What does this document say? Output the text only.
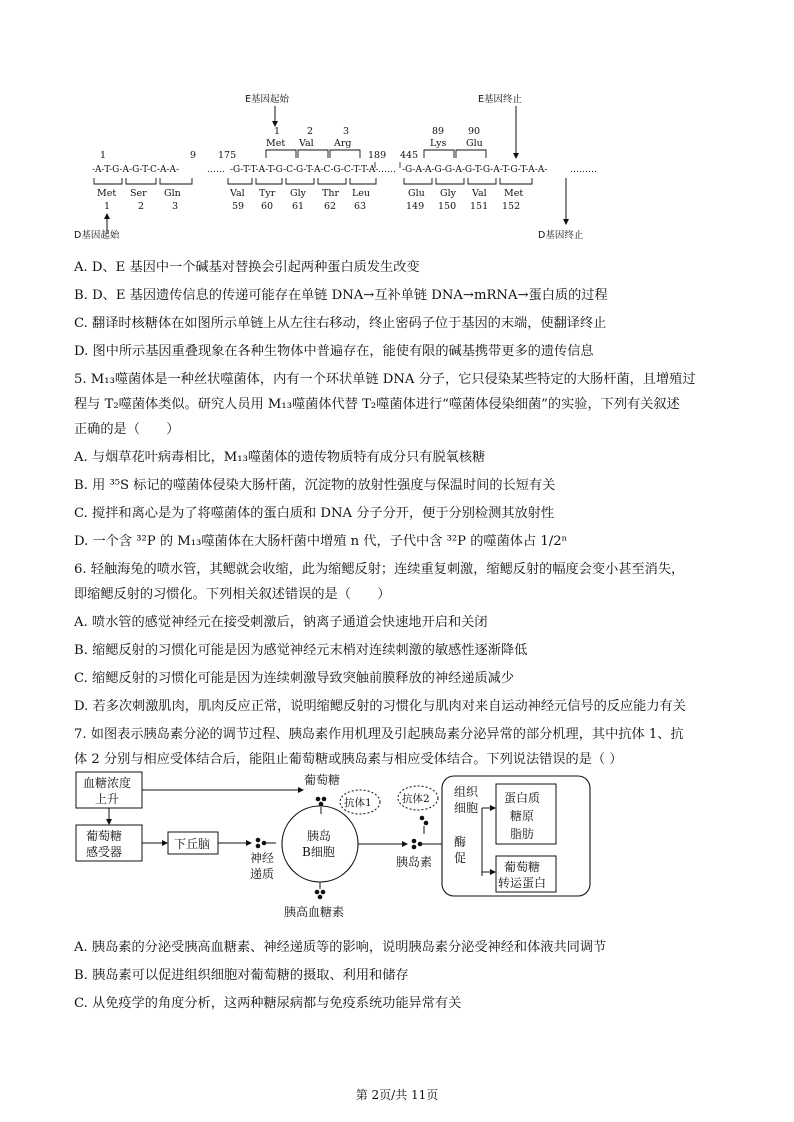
E基因起始	E基因终止
1	2	3	89	90
Met Val Arg	Lys Glu
1	9 175	189 445
-A-T-G-A-G-T-C-A-A-	…… -G-T-T-A-T-G-C-G-T-A-C-G-C-T-T-A- …… -G-A-A-G-G-A-G-T-G-A-T-G-T-A-A-	………
Met Ser Gln	Val Tyr Gly Thr Leu	Glu Gly Val Met
1	2	3	59 60 61 62 63	149 150 151 152
D基因起始	D基因终止
A. D、E 基因中一个碱基对替换会引起两种蛋白质发生改变
B. D、E 基因遗传信息的传递可能存在单链 DNA→互补单链 DNA→mRNA→蛋白质的过程
C. 翻译时核糖体在如图所示单链上从左往右移动，终止密码子位于基因的末端，使翻译终止
D. 图中所示基因重叠现象在各种生物体中普遍存在，能使有限的碱基携带更多的遗传信息
5. M₁₃噬菌体是一种丝状噬菌体，内有一个环状单链 DNA 分子，它只侵染某些特定的大肠杆菌，且增殖过
程与 T₂噬菌体类似。研究人员用 M₁₃噬菌体代替 T₂噬菌体进行“噬菌体侵染细菌”的实验，下列有关叙述
正确的是（　　）
A. 与烟草花叶病毒相比，M₁₃噬菌体的遗传物质特有成分只有脱氧核糖
B. 用 ³⁵S 标记的噬菌体侵染大肠杆菌，沉淀物的放射性强度与保温时间的长短有关
C. 搅拌和离心是为了将噬菌体的蛋白质和 DNA 分子分开，便于分别检测其放射性
D. 一个含 ³²P 的 M₁₃噬菌体在大肠杆菌中增殖 n 代，子代中含 ³²P 的噬菌体占 1/2ⁿ
6. 轻触海兔的喷水管，其鳃就会收缩，此为缩鳃反射；连续重复刺激，缩鳃反射的幅度会变小甚至消失，
即缩鳃反射的习惯化。下列相关叙述错误的是（　　）
A. 喷水管的感觉神经元在接受刺激后，钠离子通道会快速地开启和关闭
B. 缩鳃反射的习惯化可能是因为感觉神经元末梢对连续刺激的敏感性逐渐降低
C. 缩鳃反射的习惯化可能是因为连续刺激导致突触前膜释放的神经递质减少
D. 若多次刺激肌肉，肌肉反应正常，说明缩鳃反射的习惯化与肌肉对来自运动神经元信号的反应能力有关
7. 如图表示胰岛素分泌的调节过程、胰岛素作用机理及引起胰岛素分泌异常的部分机理，其中抗体 1、抗
体 2 分别与相应受体结合后，能阻止葡萄糖或胰岛素与相应受体结合。下列说法错误的是（ ）
血糖浓度
上升
葡萄糖
抗体1
葡萄糖
感受器
下丘脑
神经
递质
胰岛
B细胞
胰高血糖素
胰岛素
抗体2 组织
细胞
酶
促
蛋白质
糖原
脂肪
葡萄糖
转运蛋白
A. 胰岛素的分泌受胰高血糖素、神经递质等的影响，说明胰岛素分泌受神经和体液共同调节
B. 胰岛素可以促进组织细胞对葡萄糖的摄取、利用和储存
C. 从免疫学的角度分析，这两种糖尿病都与免疫系统功能异常有关
第 2页/共 11页
